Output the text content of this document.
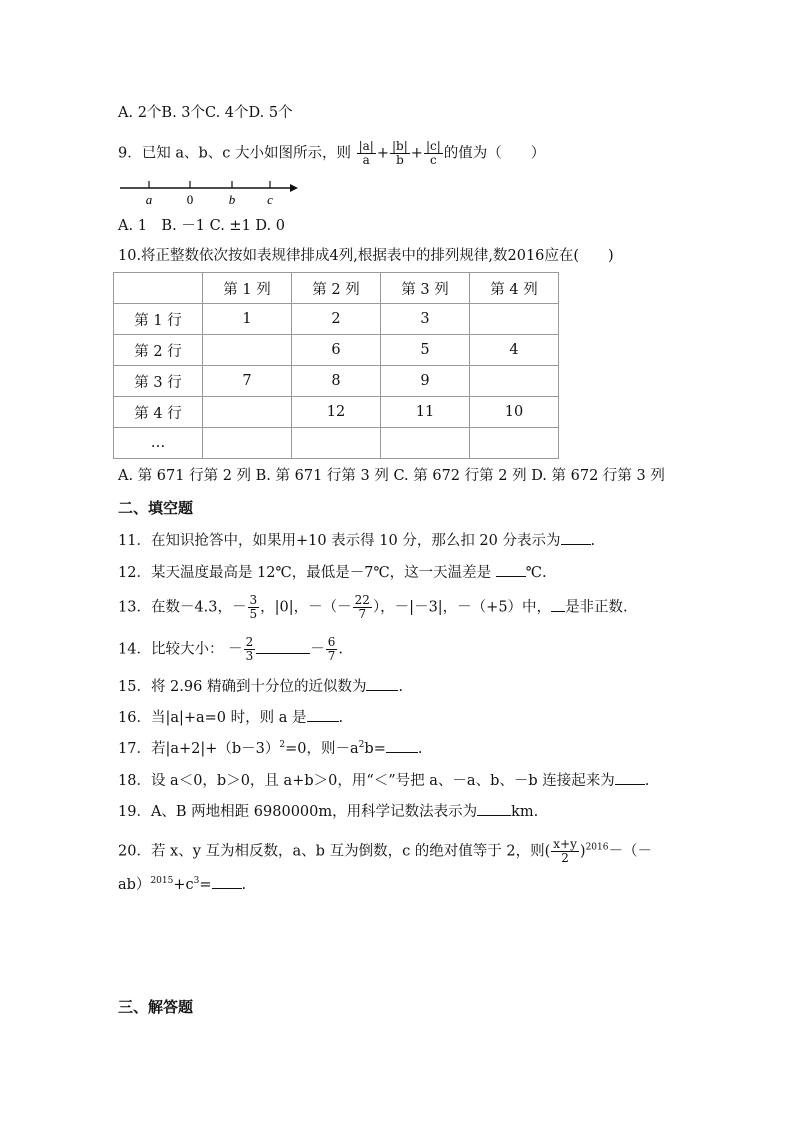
A. 2个B. 3个C. 4个D. 5个
9．已知 a、b、c 大小如图所示，则 $\frac{|a|}{a} + \frac{|b|}{b} + \frac{|c|}{c}$ 的值为（　　）
a	0	b c
A. 1　B. －1 C. ±1 D. 0
10.将正整数依次按如表规律排成4列,根据表中的排列规律,数2016应在(　　)
	第 1 列	第 2 列	第 3 列	第 4 列
第 1 行	1	2	3	
第 2 行		6	5	4
第 3 行	7	8	9	
第 4 行		12	11	10
…				
A. 第 671 行第 2 列 B. 第 671 行第 3 列 C. 第 672 行第 2 列 D. 第 672 行第 3 列
二、填空题
11．在知识抢答中，如果用+10 表示得 10 分，那么扣 20 分表示为 .
12．某天温度最高是 12℃，最低是－7℃，这一天温差是 ℃.
13．在数－4.3，－ $\frac{3}{5}$ ，|0|，－（－ $\frac{22}{7}$ ），－|－3|，－（+5）中， 是非正数.
14．比较大小： － $\frac{2}{3}$	－ $\frac{6}{7}$ .
15．将 2.96 精确到十分位的近似数为 .
16．当|a|+a=0 时，则 a 是 .
17．若$|a+2|+(b-3)^2=0$，则$-a^2b=$ .
18．设 a＜0，b＞0，且 a+b＞0，用“＜”号把 a、－a、b、－b 连接起来为 .
19．A、B 两地相距 6980000m，用科学记数法表示为 km.
20．若 x、y 互为相反数，a、b 互为倒数，c 的绝对值等于 2，则( $\frac{x+y}{2} )^{2016}-(-$
$ab)^{2015}+c^3=$ .
三、解答题
